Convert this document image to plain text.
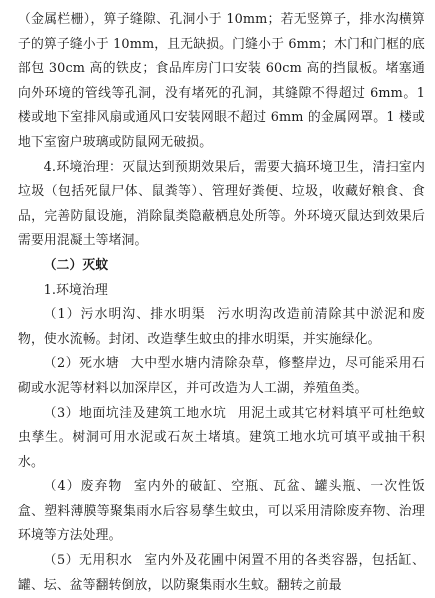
（金属栏栅），箅子缝隙、孔洞小于 10mm；若无竖箅子，排水沟横箅子的箅子缝小于 10mm，且无缺损。门缝小于 6mm；木门和门框的底部包 30cm 高的铁皮；食品库房门口安装 60cm 高的挡鼠板。堵塞通向外环境的管线等孔洞，没有堵死的孔洞，其缝隙不得超过 6mm。1 楼或地下室排风扇或通风口安装网眼不超过 6mm 的金属网罩。1 楼或地下室窗户玻璃或防鼠网无破损。

4.环境治理：灭鼠达到预期效果后，需要大搞环境卫生，清扫室内垃圾（包括死鼠尸体、鼠粪等）、管理好粪便、垃圾，收藏好粮食、食品，完善防鼠设施，消除鼠类隐蔽栖息处所等。外环境灭鼠达到效果后需要用混凝土等堵洞。

（二）灭蚊

1.环境治理

（1）污水明沟、排水明渠 污水明沟改造前清除其中淤泥和废物，使水流畅。封闭、改造孳生蚊虫的排水明渠，并实施绿化。

（2）死水塘 大中型水塘内清除杂草，修整岸边，尽可能采用石砌或水泥等材料以加深岸区，并可改造为人工湖，养殖鱼类。

（3）地面坑洼及建筑工地水坑 用泥土或其它材料填平可杜绝蚊虫孳生。树洞可用水泥或石灰土堵填。建筑工地水坑可填平或抽干积水。

（4）废弃物 室内外的破缸、空瓶、瓦盆、罐头瓶、一次性饭盒、塑料薄膜等聚集雨水后容易孳生蚊虫，可以采用清除废弃物、治理环境等方法处理。

（5）无用积水 室内外及花圃中闲置不用的各类容器，包括缸、罐、坛、盆等翻转倒放，以防聚集雨水生蚊。翻转之前最
